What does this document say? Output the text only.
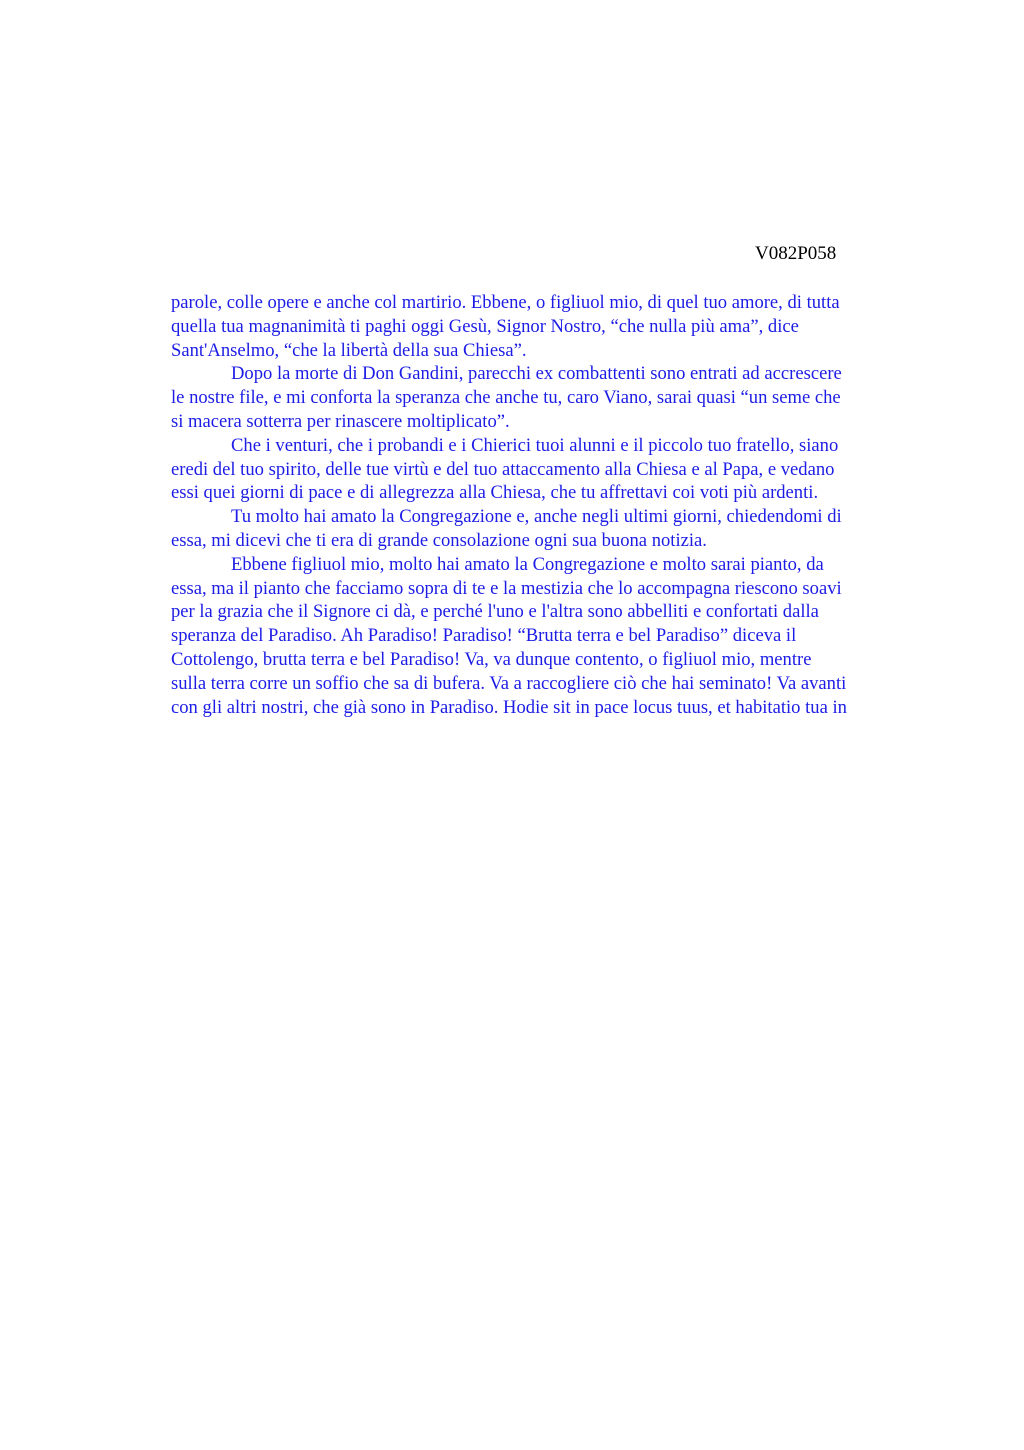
V082P058
parole, colle opere e anche col martirio. Ebbene, o figliuol mio, di quel tuo amore, di tutta
quella tua magnanimità ti paghi oggi Gesù, Signor Nostro, “che nulla più ama”, dice
Sant'Anselmo, “che la libertà della sua Chiesa”.
Dopo la morte di Don Gandini, parecchi ex combattenti sono entrati ad accrescere
le nostre file, e mi conforta la speranza che anche tu, caro Viano, sarai quasi “un seme che
si macera sotterra per rinascere moltiplicato”.
Che i venturi, che i probandi e i Chierici tuoi alunni e il piccolo tuo fratello, siano
eredi del tuo spirito, delle tue virtù e del tuo attaccamento alla Chiesa e al Papa, e vedano
essi quei giorni di pace e di allegrezza alla Chiesa, che tu affrettavi coi voti più ardenti.
Tu molto hai amato la Congregazione e, anche negli ultimi giorni, chiedendomi di
essa, mi dicevi che ti era di grande consolazione ogni sua buona notizia.
Ebbene figliuol mio, molto hai amato la Congregazione e molto sarai pianto, da
essa, ma il pianto che facciamo sopra di te e la mestizia che lo accompagna riescono soavi
per la grazia che il Signore ci dà, e perché l'uno e l'altra sono abbelliti e confortati dalla
speranza del Paradiso. Ah Paradiso! Paradiso! “Brutta terra e bel Paradiso” diceva il
Cottolengo, brutta terra e bel Paradiso! Va, va dunque contento, o figliuol mio, mentre
sulla terra corre un soffio che sa di bufera. Va a raccogliere ciò che hai seminato! Va avanti
con gli altri nostri, che già sono in Paradiso. Hodie sit in pace locus tuus, et habitatio tua in
